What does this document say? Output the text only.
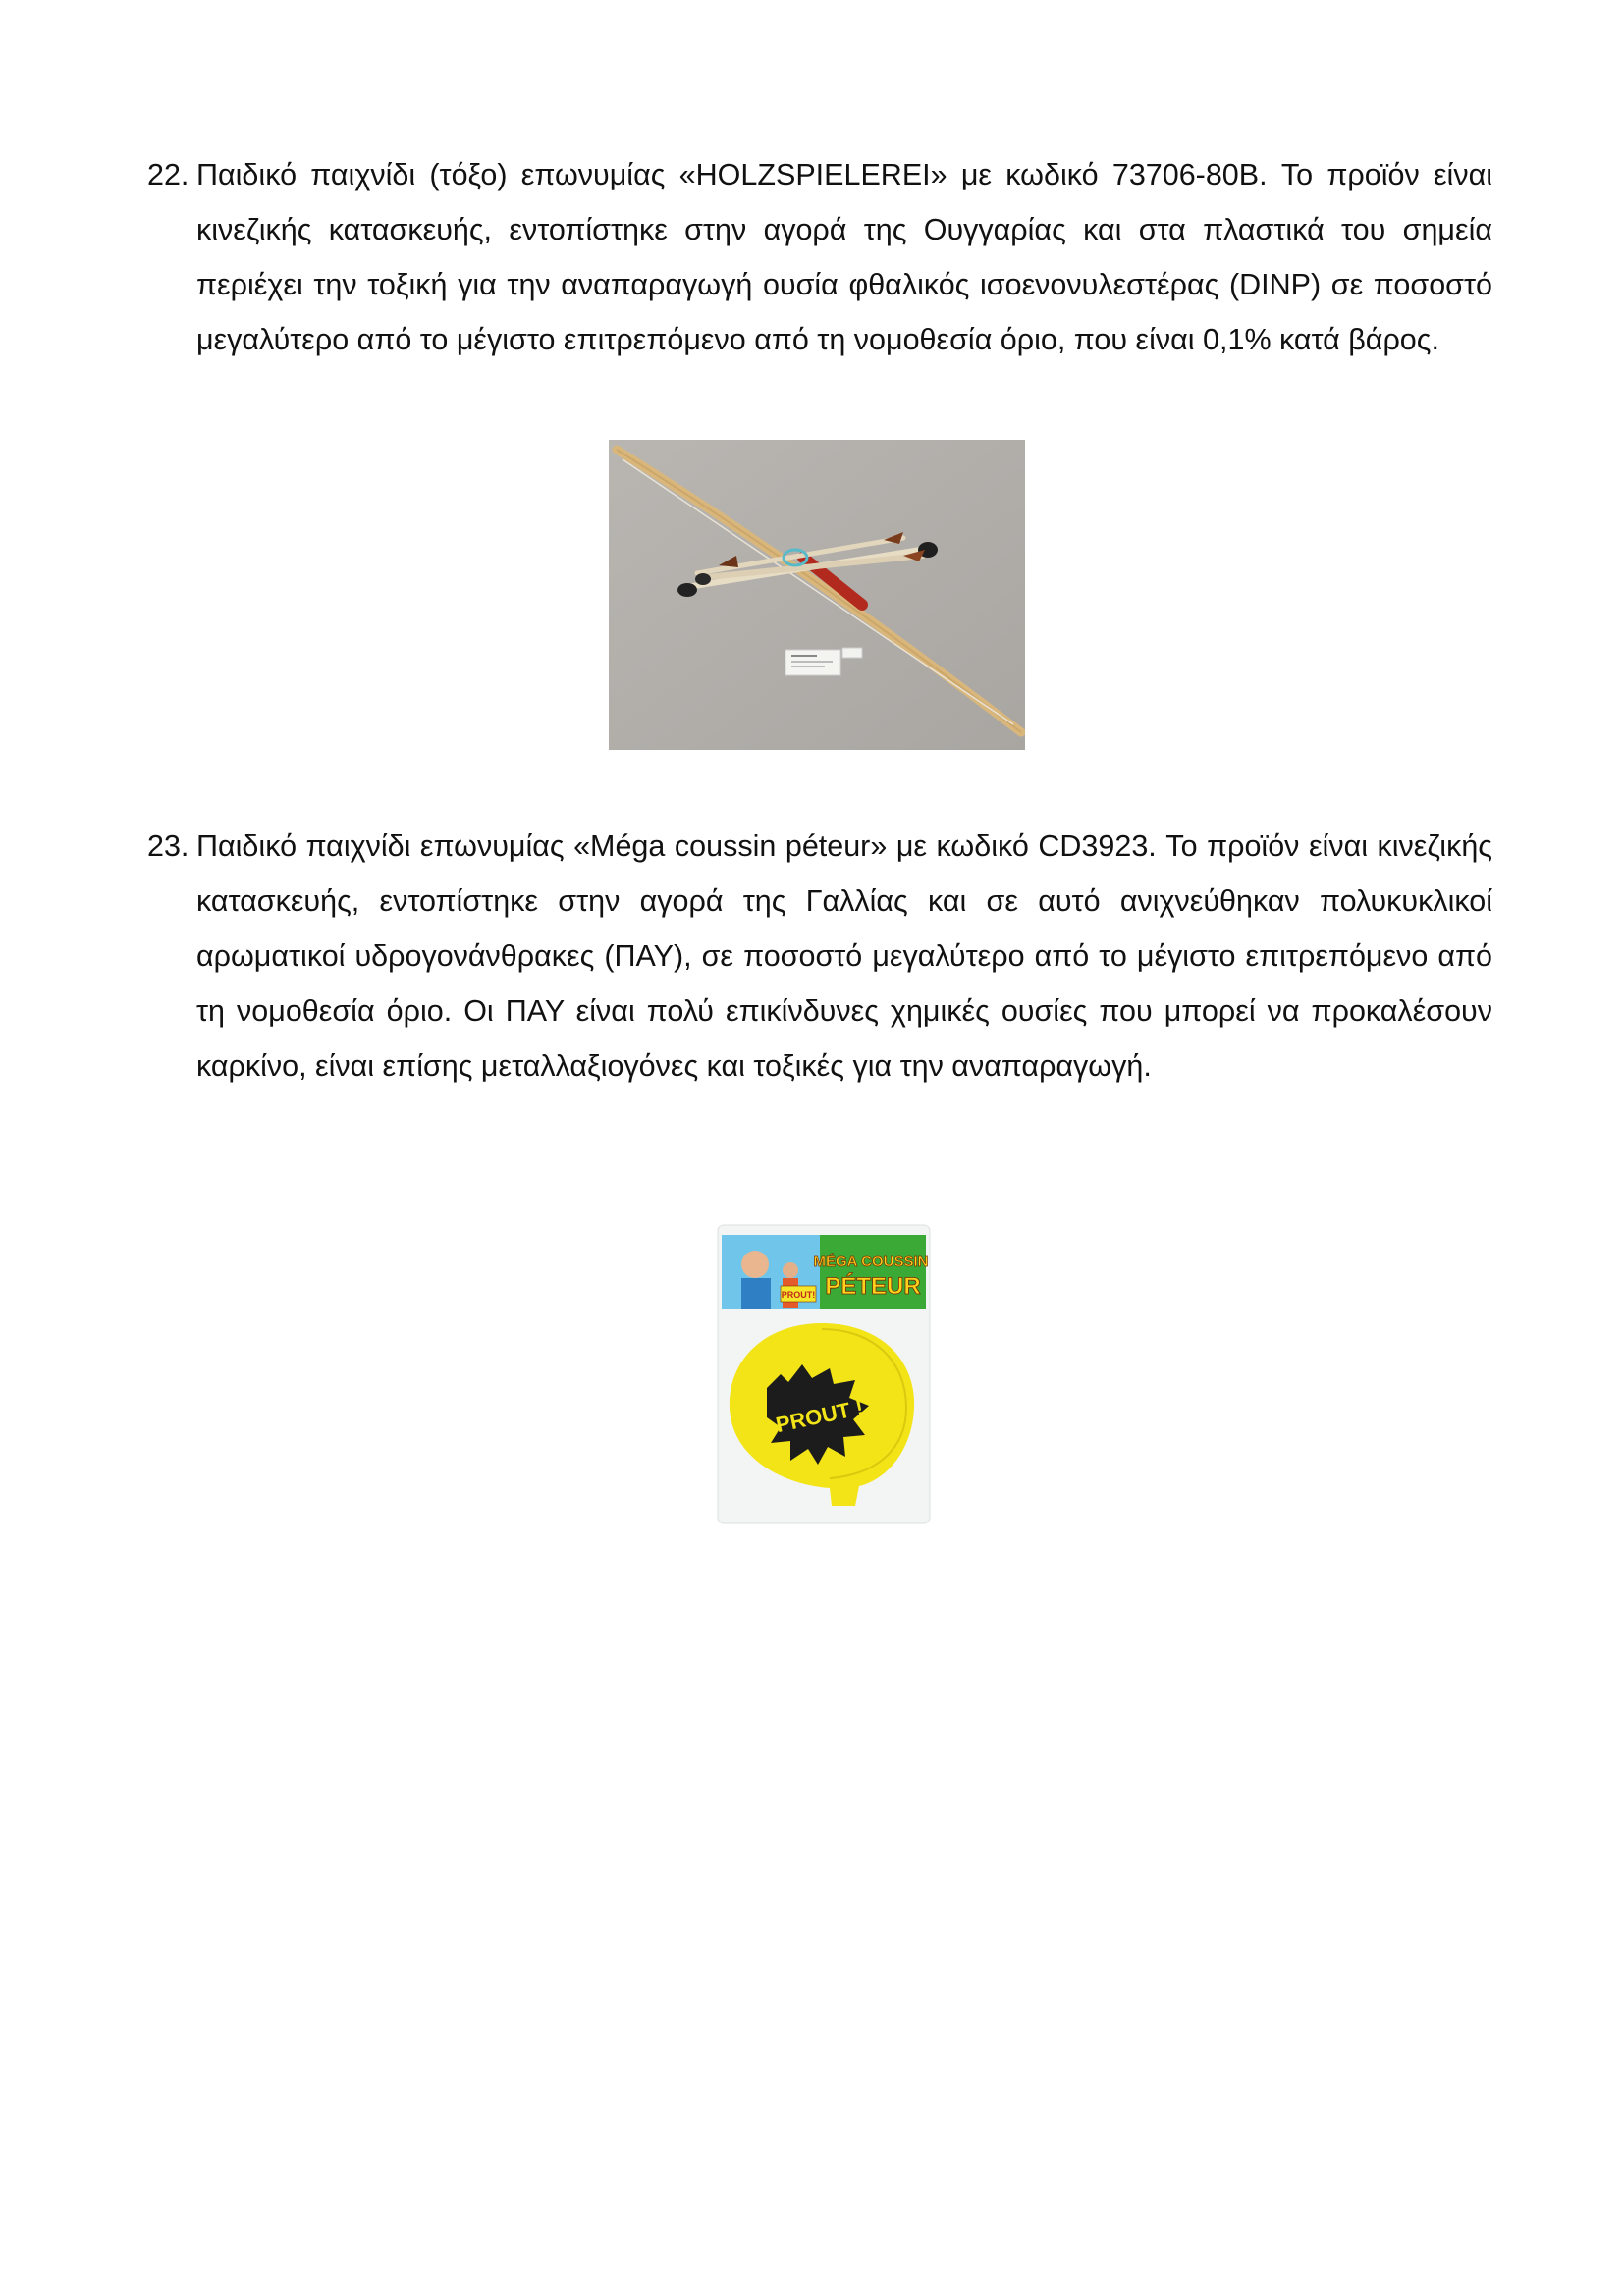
22. Παιδικό παιχνίδι (τόξο) επωνυμίας «HOLZSPIELEREI» με κωδικό 73706-80B. Το προϊόν είναι κινεζικής κατασκευής, εντοπίστηκε στην αγορά της Ουγγαρίας και στα πλαστικά του σημεία περιέχει την τοξική για την αναπαραγωγή ουσία φθαλικός ισοενονυλεστέρας (DINP) σε ποσοστό μεγαλύτερο από το μέγιστο επιτρεπόμενο από τη νομοθεσία όριο, που είναι 0,1% κατά βάρος.
23. Παιδικό παιχνίδι επωνυμίας «Méga coussin péteur» με κωδικό CD3923. Το προϊόν είναι κινεζικής κατασκευής, εντοπίστηκε στην αγορά της Γαλλίας και σε αυτό ανιχνεύθηκαν πολυκυκλικοί αρωματικοί υδρογονάνθρακες (ΠΑΥ), σε ποσοστό μεγαλύτερο από το μέγιστο επιτρεπόμενο από τη νομοθεσία όριο. Οι ΠΑΥ είναι πολύ επικίνδυνες χημικές ουσίες που μπορεί να προκαλέσουν καρκίνο, είναι επίσης μεταλλαξιογόνες και τοξικές για την αναπαραγωγή.
MÉGA COUSSIN
PÉTEUR
PROUT!
PROUT !
